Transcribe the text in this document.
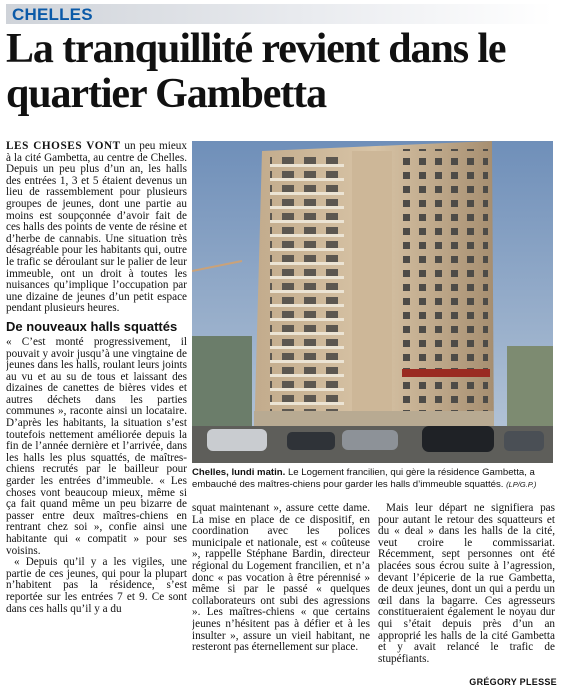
CHELLES
La tranquillité revient dans le quartier Gambetta

LES CHOSES VONT un peu mieux à la cité Gambetta, au centre de Chelles. Depuis un peu plus d’un an, les halls des entrées 1, 3 et 5 étaient devenus un lieu de rassemblement pour plusieurs groupes de jeunes, dont une partie au moins est soupçonnée d’avoir fait de ces halls des points de vente de résine et d’herbe de cannabis. Une situation très désagréable pour les habitants qui, outre le trafic se déroulant sur le palier de leur immeuble, ont un droit à toutes les nuisances qu’implique l’occupation par une dizaine de jeunes d’un petit espace pendant plusieurs heures.

De nouveaux halls squattés

« C’est monté progressivement, il pouvait y avoir jusqu’à une vingtaine de jeunes dans les halls, roulant leurs joints au vu et au su de tous et laissant des dizaines de canettes de bières vides et autres déchets dans les parties communes », raconte ainsi un locataire. D’après les habitants, la situation s’est toutefois nettement améliorée depuis la fin de l’année dernière et l’arrivée, dans les halls les plus squattés, de maîtres-chiens recrutés par le bailleur pour garder les entrées d’immeuble. « Les choses vont beaucoup mieux, même si ça fait quand même un peu bizarre de passer entre deux maîtres-chiens en rentrant chez soi », confie ainsi une habitante qui « compatit » pour ses voisins.

« Depuis qu’il y a les vigiles, une partie de ces jeunes, qui pour la plupart n’habitent pas la résidence, s’est reportée sur les entrées 7 et 9. Ce sont dans ces halls qu’il y a du

Chelles, lundi matin. Le Logement francilien, qui gère la résidence Gambetta, a embauché des maîtres-chiens pour garder les halls d’immeuble squattés. (LP/G.P.)

squat maintenant », assure cette dame. La mise en place de ce dispositif, en coordination avec les polices municipale et nationale, est « coûteuse », rappelle Stéphane Bardin, directeur régional du Logement francilien, et n’a donc « pas vocation à être pérennisé » même si par le passé « quelques collaborateurs ont subi des agressions ». Les maîtres-chiens « que certains jeunes n’hésitent pas à défier et à les insulter », assure un vieil habitant, ne resteront pas éternellement sur place.

Mais leur départ ne signifiera pas pour autant le retour des squatteurs et du « deal » dans les halls de la cité, veut croire le commissariat. Récemment, sept personnes ont été placées sous écrou suite à l’agression, devant l’épicerie de la rue Gambetta, de deux jeunes, dont un qui a perdu un œil dans la bagarre. Ces agresseurs constitueraient également le noyau dur qui s’était depuis près d’un an approprié les halls de la cité Gambetta et y avait relancé le trafic de stupéfiants.

GRÉGORY PLESSE
